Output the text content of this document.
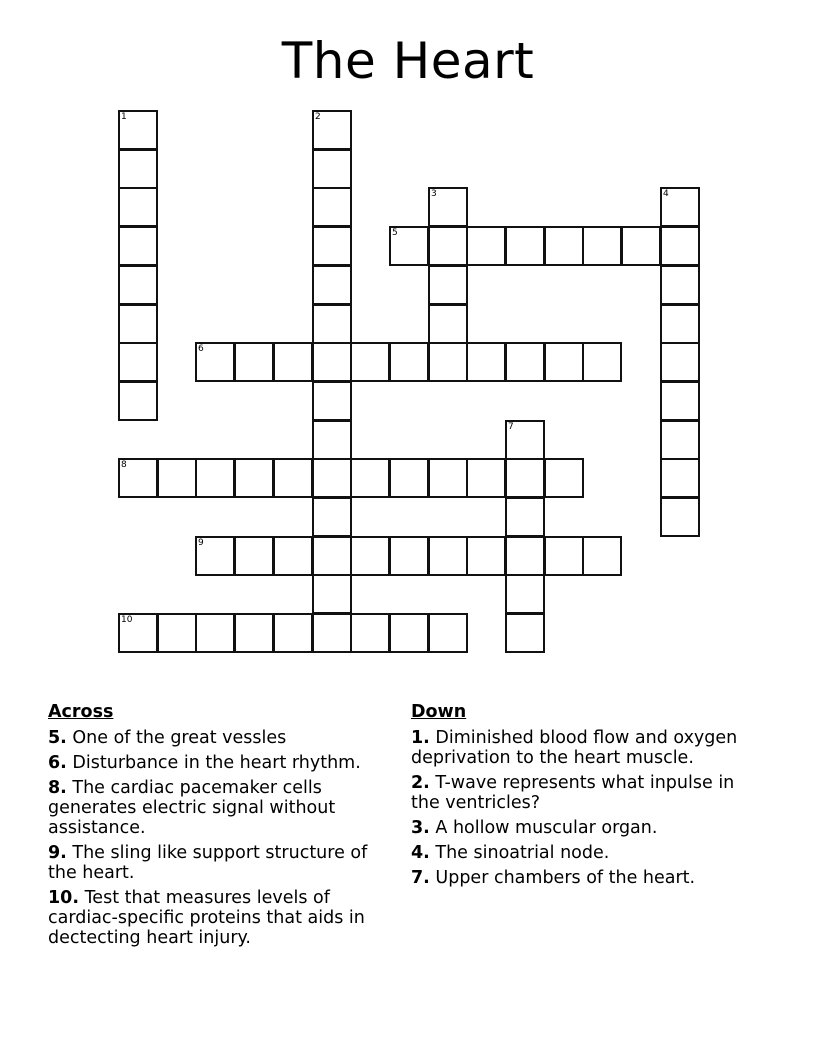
The Heart
1	2
3	4
5
6
7
8
9
10
Across
5. One of the great vessles
6. Disturbance in the heart rhythm.
8. The cardiac pacemaker cells generates electric signal without assistance.
9. The sling like support structure of the heart.
10. Test that measures levels of cardiac-specific proteins that aids in dectecting heart injury.
Down
1. Diminished blood flow and oxygen deprivation to the heart muscle.
2. T-wave represents what inpulse in the ventricles?
3. A hollow muscular organ.
4. The sinoatrial node.
7. Upper chambers of the heart.
